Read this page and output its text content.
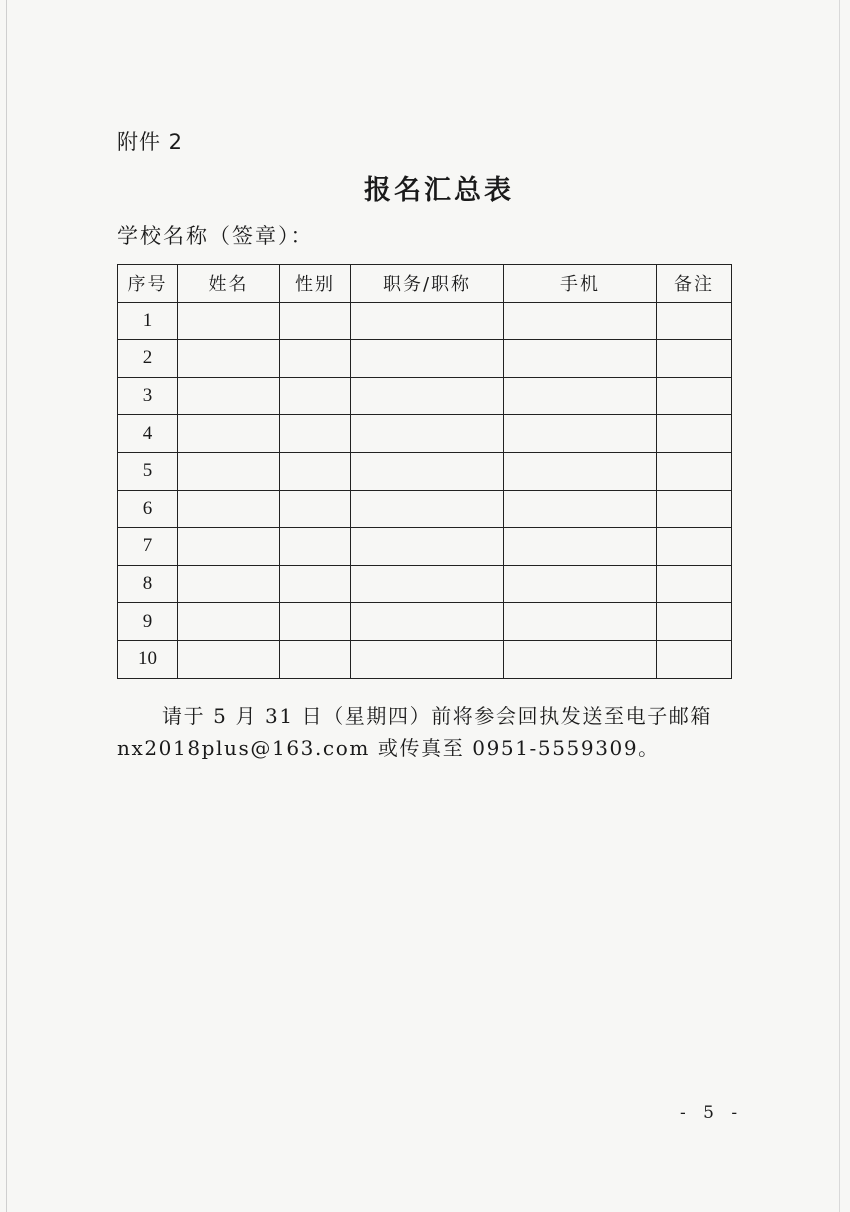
附件 2
报名汇总表
学校名称（签章）：
序号	姓名	性别	职务/职称	手机	备注
1					
2					
3					
4					
5					
6					
7					
8					
9					
10					
请于 5 月 31 日（星期四）前将参会回执发送至电子邮箱
nx2018plus@163.com 或传真至 0951-5559309。
- 5 -
